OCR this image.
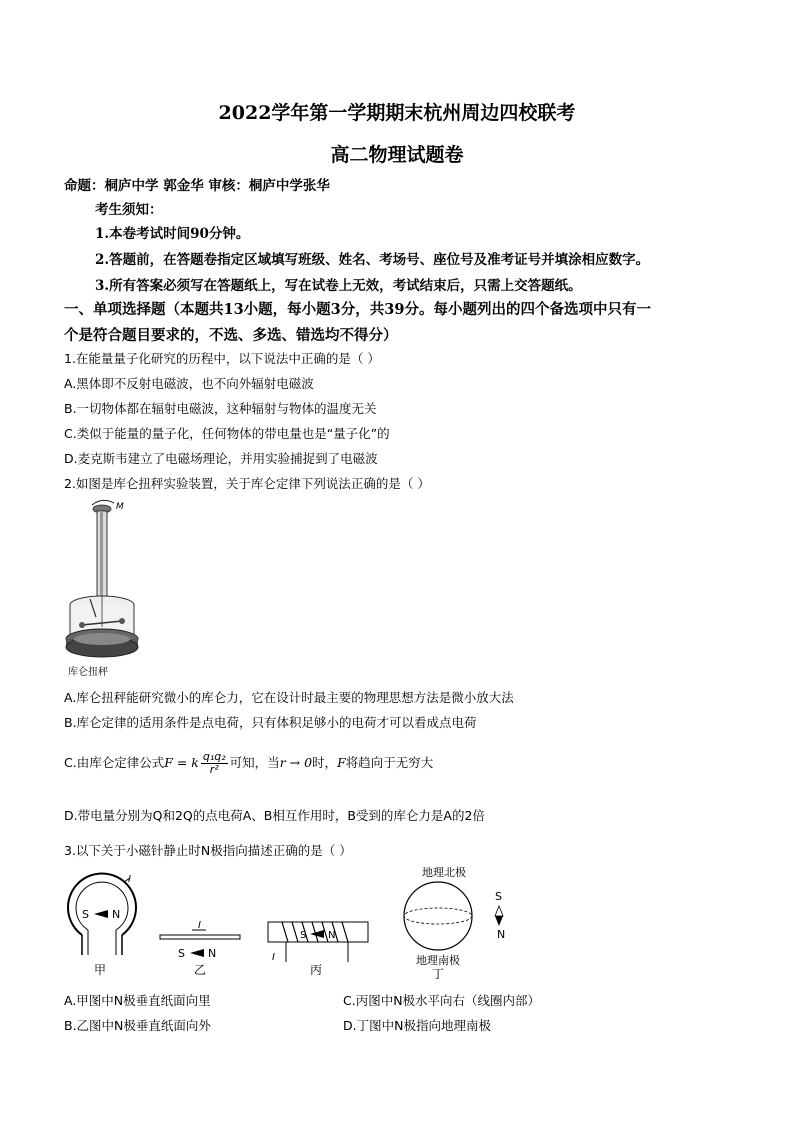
2022学年第一学期期末杭州周边四校联考
高二物理试题卷
命题：桐庐中学 郭金华 审核：桐庐中学张华
考生须知：
1.本卷考试时间90分钟。
2.答题前，在答题卷指定区域填写班级、姓名、考场号、座位号及准考证号并填涂相应数字。
3.所有答案必须写在答题纸上，写在试卷上无效，考试结束后，只需上交答题纸。
一、单项选择题（本题共13小题，每小题3分，共39分。每小题列出的四个备选项中只有一
个是符合题目要求的，不选、多选、错选均不得分）
1.在能量量子化研究的历程中，以下说法中正确的是（ ）
A.黑体即不反射电磁波，也不向外辐射电磁波
B.一切物体都在辐射电磁波，这种辐射与物体的温度无关
C.类似于能量的量子化，任何物体的带电量也是“量子化”的
D.麦克斯韦建立了电磁场理论，并用实验捕捉到了电磁波
2.如图是库仑扭秤实验装置，关于库仑定律下列说法正确的是（ ）
M
库仑扭秤
A.库仑扭秤能研究微小的库仑力，它在设计时最主要的物理思想方法是微小放大法
B.库仑定律的适用条件是点电荷，只有体积足够小的电荷才可以看成点电荷
C.由库仑定律公式F = k $\frac{\text{q₁q₂}}{\text{r²}}$ 可知，当r → 0时，F将趋向于无穷大
D.带电量分别为Q和2Q的点电荷A、B相互作用时，B受到的库仑力是A的2倍
3.以下关于小磁针静止时N极指向描述正确的是（ ）
I
S N
甲
I
S N
乙
S N
I
丙
地理北极
地理南极
丁
S
N
A.甲图中N极垂直纸面向里	C.丙图中N极水平向右（线圈内部）
B.乙图中N极垂直纸面向外	D.丁图中N极指向地理南极
